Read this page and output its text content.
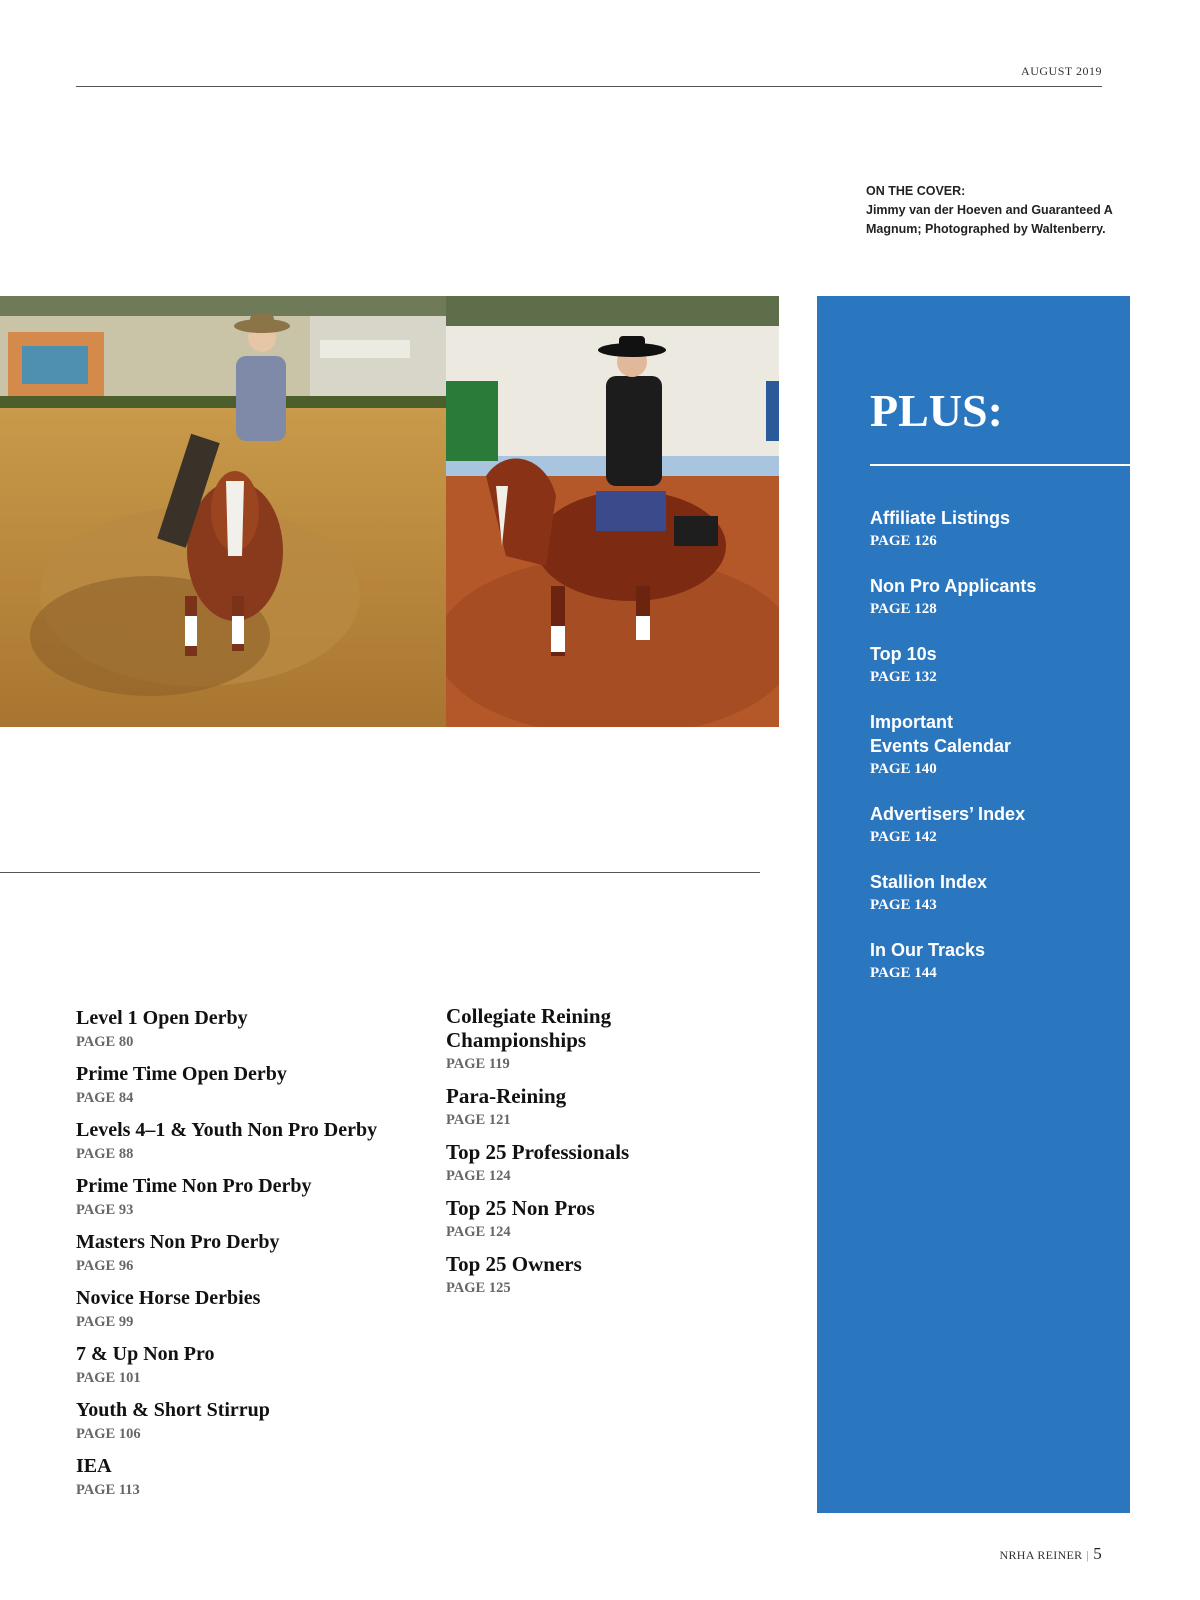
AUGUST 2019
ON THE COVER:
Jimmy van der Hoeven and Guaranteed A Magnum; Photographed by Waltenberry.
PLUS:
Affiliate Listings
PAGE 126
Non Pro Applicants
PAGE 128
Top 10s
PAGE 132
Important
Events Calendar
PAGE 140
Advertisers’ Index
PAGE 142
Stallion Index
PAGE 143
In Our Tracks
PAGE 144
Level 1 Open Derby
PAGE 80
Prime Time Open Derby
PAGE 84
Levels 4–1 & Youth Non Pro Derby
PAGE 88
Prime Time Non Pro Derby
PAGE 93
Masters Non Pro Derby
PAGE 96
Novice Horse Derbies
PAGE 99
7 & Up Non Pro
PAGE 101
Youth & Short Stirrup
PAGE 106
IEA
PAGE 113
Collegiate Reining
Championships
PAGE 119
Para-Reining
PAGE 121
Top 25 Professionals
PAGE 124
Top 25 Non Pros
PAGE 124
Top 25 Owners
PAGE 125
NRHA REINER | 5
